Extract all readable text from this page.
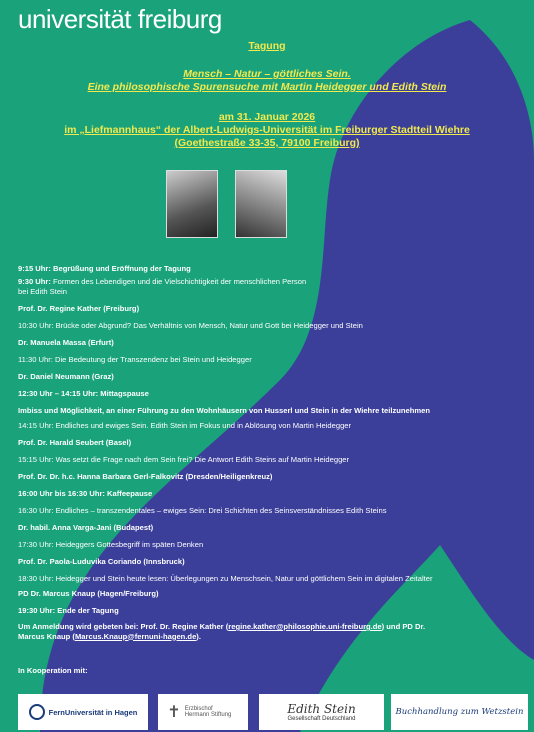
universität freiburg
Tagung
Mensch – Natur – göttliches Sein.
Eine philosophische Spurensuche mit Martin Heidegger und Edith Stein
am 31. Januar 2026
im „Liefmannhaus“ der Albert-Ludwigs-Universität im Freiburger Stadtteil Wiehre
(Goethestraße 33-35, 79100 Freiburg)
9:15 Uhr: Begrüßung und Eröffnung der Tagung
9:30 Uhr: Formen des Lebendigen und die Vielschichtigkeit der menschlichen Person
bei Edith Stein
Prof. Dr. Regine Kather (Freiburg)
10:30 Uhr: Brücke oder Abgrund? Das Verhältnis von Mensch, Natur und Gott bei Heidegger und Stein
Dr. Manuela Massa (Erfurt)
11:30 Uhr: Die Bedeutung der Transzendenz bei Stein und Heidegger
Dr. Daniel Neumann (Graz)
12:30 Uhr – 14:15 Uhr: Mittagspause
Imbiss und Möglichkeit, an einer Führung zu den Wohnhäusern von Husserl und Stein in der Wiehre teilzunehmen
14:15 Uhr: Endliches und ewiges Sein. Edith Stein im Fokus und in Ablösung von Martin Heidegger
Prof. Dr. Harald Seubert (Basel)
15:15 Uhr: Was setzt die Frage nach dem Sein frei? Die Antwort Edith Steins auf Martin Heidegger
Prof. Dr. Dr. h.c. Hanna Barbara Gerl-Falkovitz (Dresden/Heiligenkreuz)
16:00 Uhr bis 16:30 Uhr: Kaffeepause
16:30 Uhr: Endliches – transzendentales – ewiges Sein: Drei Schichten des Seinsverständnisses Edith Steins
Dr. habil. Anna Varga-Jani (Budapest)
17:30 Uhr: Heideggers Gottesbegriff im späten Denken
Prof. Dr. Paola-Luduvika Coriando (Innsbruck)
18:30 Uhr: Heidegger und Stein heute lesen: Überlegungen zu Menschsein, Natur und göttlichem Sein im digitalen Zeitalter
PD Dr. Marcus Knaup (Hagen/Freiburg)
19:30 Uhr: Ende der Tagung
Um Anmeldung wird gebeten bei: Prof. Dr. Regine Kather (regine.kather@philosophie.uni-freiburg.de) und PD Dr.
Marcus Knaup (Marcus.Knaup@fernuni-hagen.de).
In Kooperation mit:
FernUniversität in Hagen ✝ Erzbischof Hermann Stiftung	Edith Stein
Gesellschaft Deutschland
Buchhandlung zum Wetzstein
